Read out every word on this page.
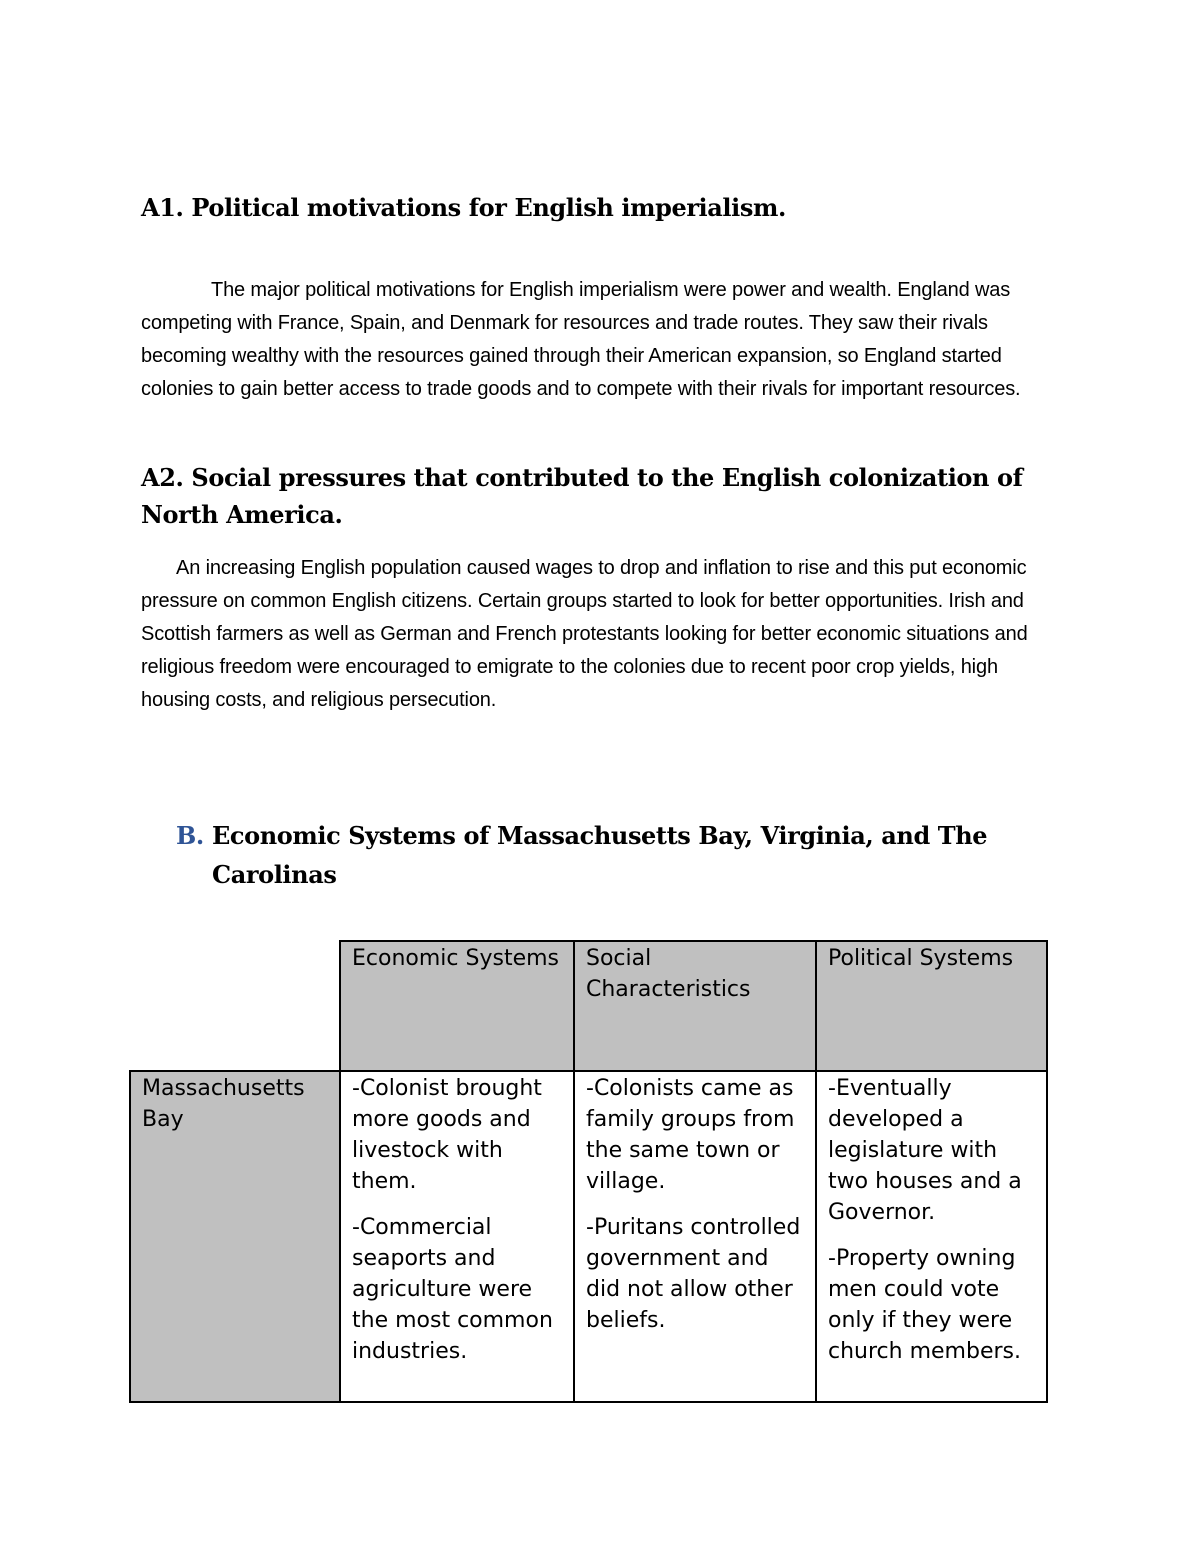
A1. Political motivations for English imperialism.

The major political motivations for English imperialism were power and wealth. England was competing with France, Spain, and Denmark for resources and trade routes. They saw their rivals becoming wealthy with the resources gained through their American expansion, so England started colonies to gain better access to trade goods and to compete with their rivals for important resources.

A2. Social pressures that contributed to the English colonization of North America.

An increasing English population caused wages to drop and inflation to rise and this put economic pressure on common English citizens. Certain groups started to look for better opportunities. Irish and Scottish farmers as well as German and French protestants looking for better economic situations and religious freedom were encouraged to emigrate to the colonies due to recent poor crop yields, high housing costs, and religious persecution.

B. Economic Systems of Massachusetts Bay, Virginia, and The Carolinas
Economic Systems	Social Characteristics
Political Systems
Massachusetts Bay

-Colonist brought more goods and livestock with them.

-Commercial seaports and agriculture were the most common industries.

-Colonists came as family groups from the same town or village.

-Puritans controlled government and did not allow other beliefs.

-Eventually developed a legislature with two houses and a Governor.

-Property owning men could vote only if they were church members.
